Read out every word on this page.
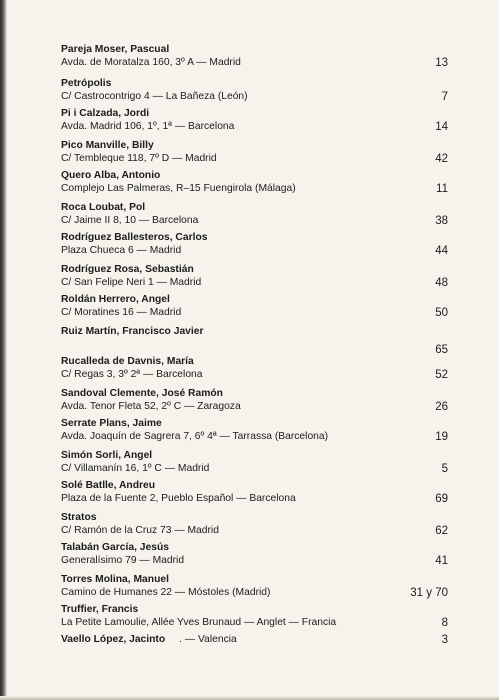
Pareja Moser, Pascual
Avda. de Moratalza 160, 3º A — Madrid	13
Petrópolis
C/ Castrocontrigo 4 — La Bañeza (León)	7
Pi i Calzada, Jordi
Avda. Madrid 106, 1º, 1ª — Barcelona	14
Pico Manville, Billy
C/ Tembleque 118, 7º D — Madrid	42
Quero Alba, Antonio
Complejo Las Palmeras, R–15 Fuengirola (Málaga)	11
Roca Loubat, Pol
C/ Jaime II 8, 10 — Barcelona	38
Rodríguez Ballesteros, Carlos
Plaza Chueca 6 — Madrid	44
Rodríguez Rosa, Sebastián
C/ San Felipe Neri 1 — Madrid	48
Roldán Herrero, Angel
C/ Moratines 16 — Madrid	50
Ruiz Martín, Francisco Javier
65
Rucalleda de Davnis, María
C/ Regas 3, 3º 2ª — Barcelona	52
Sandoval Clemente, José Ramón
Avda. Tenor Fleta 52, 2º C — Zaragoza	26
Serrate Plans, Jaime
Avda. Joaquín de Sagrera 7, 6º 4ª — Tarrassa (Barcelona)	19
Simón Sorli, Angel
C/ Villamanín 16, 1º C — Madrid	5
Solé Batlle, Andreu
Plaza de la Fuente 2, Pueblo Español — Barcelona	69
Stratos
C/ Ramón de la Cruz 73 — Madrid	62
Talabán García, Jesús
Generalísimo 79 — Madrid	41
Torres Molina, Manuel
Camino de Humanes 22 — Móstoles (Madrid)	31 y 70
Truffier, Francis
La Petite Lamoulie, Allée Yves Brunaud — Anglet — Francia	8
Vaello López, Jacinto . — Valencia	3
